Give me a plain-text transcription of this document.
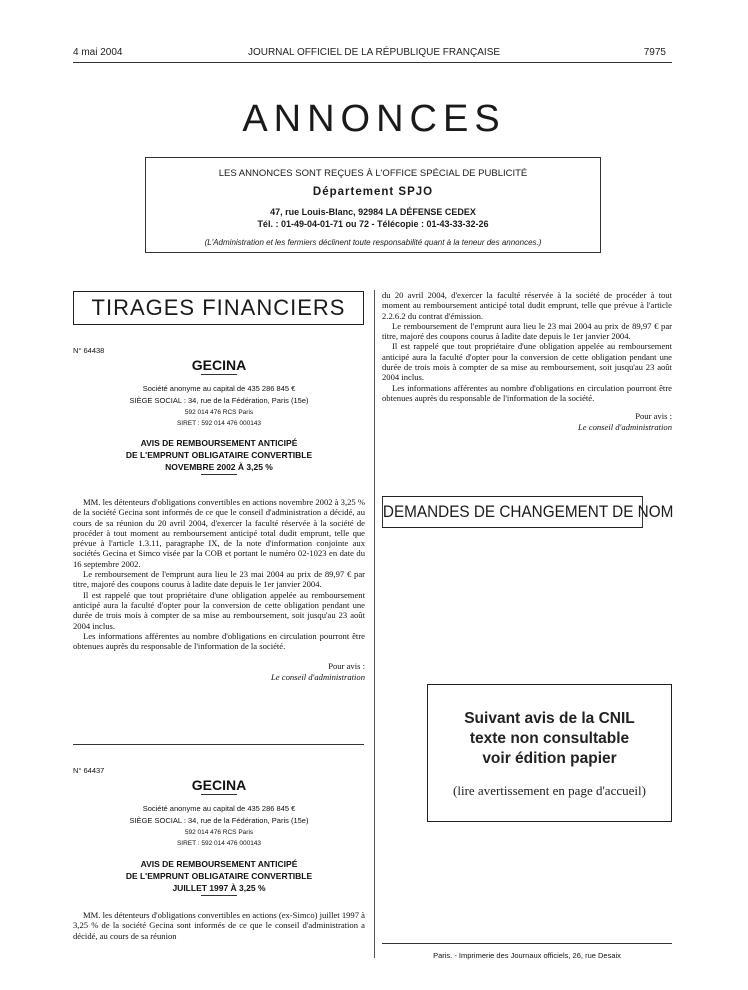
4 mai 2004	JOURNAL OFFICIEL DE LA RÉPUBLIQUE FRANÇAISE	7975
ANNONCES
LES ANNONCES SONT REÇUES À L'OFFICE SPÉCIAL DE PUBLICITÉ
Département SPJO
47, rue Louis-Blanc, 92984 LA DÉFENSE CEDEX
Tél. : 01-49-04-01-71 ou 72 - Télécopie : 01-43-33-32-26
(L'Administration et les fermiers déclinent toute responsabilité quant à la teneur des annonces.)
TIRAGES FINANCIERS
N° 64438
GECINA
Société anonyme au capital de 435 286 845 €
SIÈGE SOCIAL : 34, rue de la Fédération, Paris (15e)
592 014 476 RCS Paris
SIRET : 592 014 476 000143
AVIS DE REMBOURSEMENT ANTICIPÉ
DE L'EMPRUNT OBLIGATAIRE CONVERTIBLE
NOVEMBRE 2002 À 3,25 %

MM. les détenteurs d'obligations convertibles en actions novembre 2002 à 3,25 % de la société Gecina sont informés de ce que le conseil d'administration a décidé, au cours de sa réunion du 20 avril 2004, d'exercer la faculté réservée à la société de procéder à tout moment au remboursement anticipé total dudit emprunt, telle que prévue à l'article 1.3.11, paragraphe IX, de la note d'information conjointe aux sociétés Gecina et Simco visée par la COB et portant le numéro 02-1023 en date du 16 septembre 2002.

Le remboursement de l'emprunt aura lieu le 23 mai 2004 au prix de 89,97 € par titre, majoré des coupons courus à ladite date depuis le 1er janvier 2004.

Il est rappelé que tout propriétaire d'une obligation appelée au remboursement anticipé aura la faculté d'opter pour la conversion de cette obligation pendant une durée de trois mois à compter de sa mise au remboursement, soit jusqu'au 23 août 2004 inclus.

Les informations afférentes au nombre d'obligations en circulation pourront être obtenues auprès du responsable de l'information de la société.

Pour avis :
Le conseil d'administration
N° 64437
GECINA
Société anonyme au capital de 435 286 845 €
SIÈGE SOCIAL : 34, rue de la Fédération, Paris (15e)
592 014 476 RCS Paris
SIRET : 592 014 476 000143
AVIS DE REMBOURSEMENT ANTICIPÉ
DE L'EMPRUNT OBLIGATAIRE CONVERTIBLE
JUILLET 1997 À 3,25 %

MM. les détenteurs d'obligations convertibles en actions (ex-Simco) juillet 1997 à 3,25 % de la société Gecina sont informés de ce que le conseil d'administration a décidé, au cours de sa réunion

du 20 avril 2004, d'exercer la faculté réservée à la société de procéder à tout moment au remboursement anticipé total dudit emprunt, telle que prévue à l'article 2.2.6.2 du contrat d'émission.

Le remboursement de l'emprunt aura lieu le 23 mai 2004 au prix de 89,97 € par titre, majoré des coupons courus à ladite date depuis le 1er janvier 2004.

Il est rappelé que tout propriétaire d'une obligation appelée au remboursement anticipé aura la faculté d'opter pour la conversion de cette obligation pendant une durée de trois mois à compter de sa mise au remboursement, soit jusqu'au 23 août 2004 inclus.

Les informations afférentes au nombre d'obligations en circulation pourront être obtenues auprès du responsable de l'information de la société.

Pour avis :
Le conseil d'administration
DEMANDES DE CHANGEMENT DE NOM
Suivant avis de la CNIL
texte non consultable
voir édition papier
(lire avertissement en page d'accueil)
Paris. - Imprimerie des Journaux officiels, 26, rue Desaix
